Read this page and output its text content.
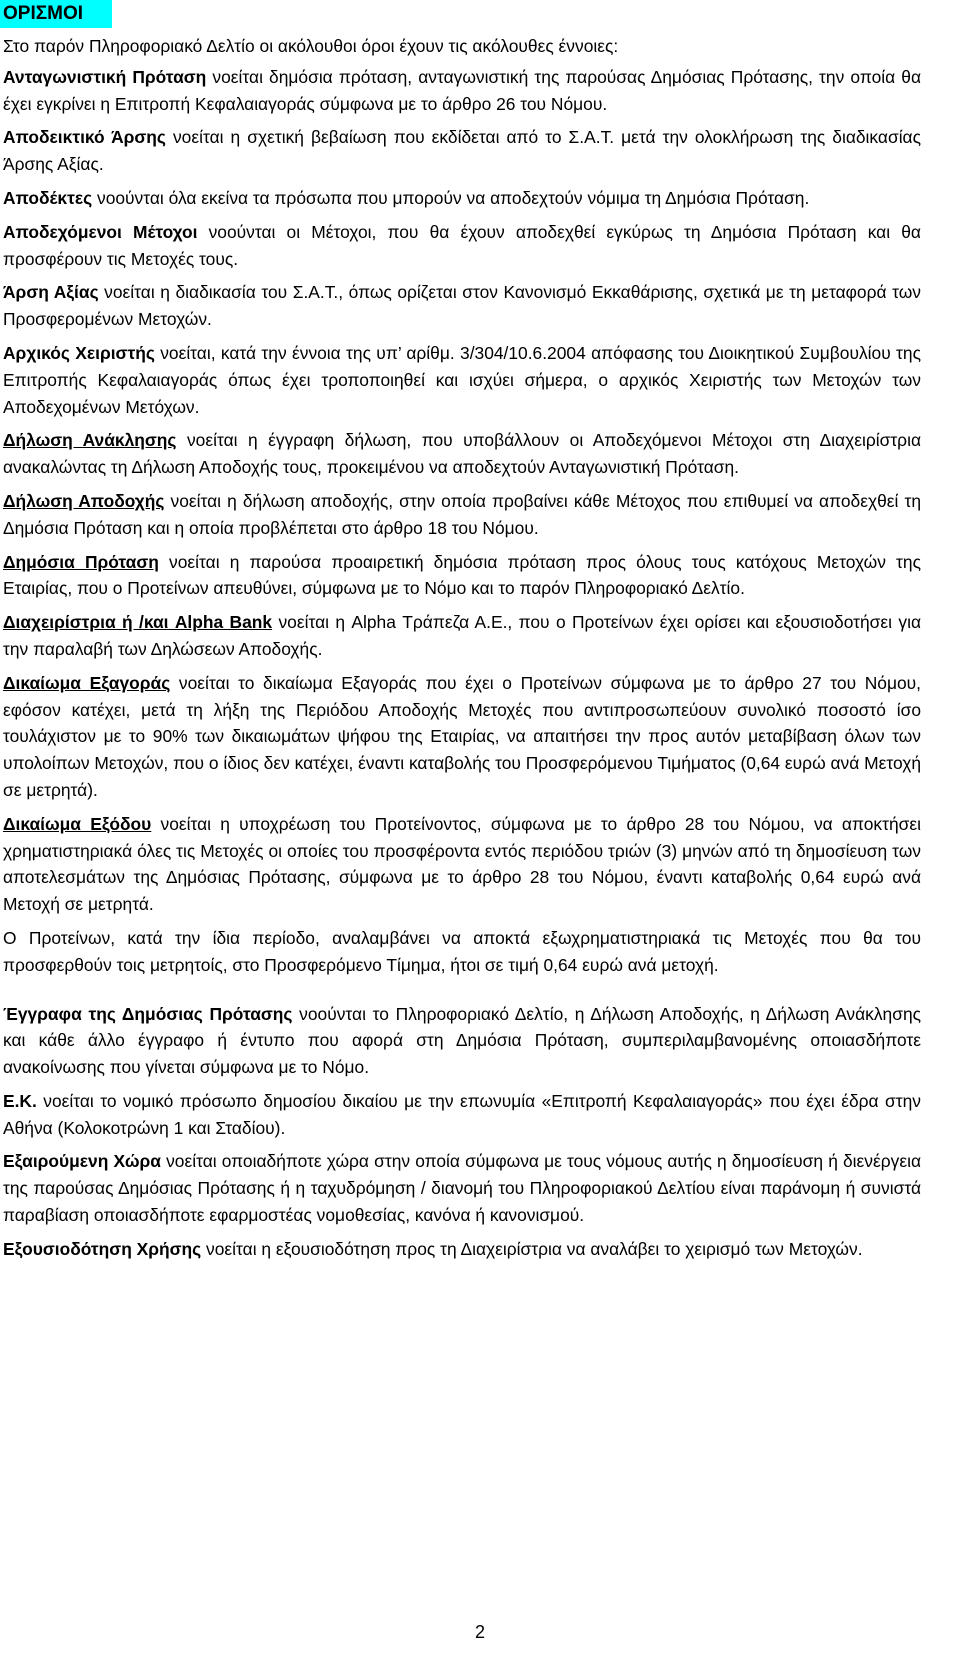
ΟΡΙΣΜΟΙ

Στο παρόν Πληροφοριακό Δελτίο οι ακόλουθοι όροι έχουν τις ακόλουθες έννοιες:

Ανταγωνιστική Πρόταση νοείται δημόσια πρόταση, ανταγωνιστική της παρούσας Δημόσιας Πρότασης, την οποία θα έχει εγκρίνει η Επιτροπή Κεφαλαιαγοράς σύμφωνα με το άρθρο 26 του Νόμου.

Αποδεικτικό Άρσης νοείται η σχετική βεβαίωση που εκδίδεται από το Σ.Α.Τ. μετά την ολοκλήρωση της διαδικασίας Άρσης Αξίας.

Αποδέκτες νοούνται όλα εκείνα τα πρόσωπα που μπορούν να αποδεχτούν νόμιμα τη Δημόσια Πρόταση.

Αποδεχόμενοι Μέτοχοι νοούνται οι Μέτοχοι, που θα έχουν αποδεχθεί εγκύρως τη Δημόσια Πρόταση και θα προσφέρουν τις Μετοχές τους.

Άρση Αξίας νοείται η διαδικασία του Σ.Α.Τ., όπως ορίζεται στον Κανονισμό Εκκαθάρισης, σχετικά με τη μεταφορά των Προσφερομένων Μετοχών.

Αρχικός Χειριστής νοείται, κατά την έννοια της υπ’ αρίθμ. 3/304/10.6.2004 απόφασης του Διοικητικού Συμβουλίου της Επιτροπής Κεφαλαιαγοράς όπως έχει τροποποιηθεί και ισχύει σήμερα, ο αρχικός Χειριστής των Μετοχών των Αποδεχομένων Μετόχων.

Δήλωση Ανάκλησης νοείται η έγγραφη δήλωση, που υποβάλλουν οι Αποδεχόμενοι Μέτοχοι στη Διαχειρίστρια ανακαλώντας τη Δήλωση Αποδοχής τους, προκειμένου να αποδεχτούν Ανταγωνιστική Πρόταση.

Δήλωση Αποδοχής νοείται η δήλωση αποδοχής, στην οποία προβαίνει κάθε Μέτοχος που επιθυμεί να αποδεχθεί τη Δημόσια Πρόταση και η οποία προβλέπεται στο άρθρο 18 του Νόμου.

Δημόσια Πρόταση νοείται η παρούσα προαιρετική δημόσια πρόταση προς όλους τους κατόχους Μετοχών της Εταιρίας, που ο Προτείνων απευθύνει, σύμφωνα με το Νόμο και το παρόν Πληροφοριακό Δελτίο.

Διαχειρίστρια ή /και Alpha Bank νοείται η Alpha Τράπεζα Α.Ε., που ο Προτείνων έχει ορίσει και εξουσιοδοτήσει για την παραλαβή των Δηλώσεων Αποδοχής.

Δικαίωμα Εξαγοράς νοείται το δικαίωμα Εξαγοράς που έχει ο Προτείνων σύμφωνα με το άρθρο 27 του Νόμου, εφόσον κατέχει, μετά τη λήξη της Περιόδου Αποδοχής Μετοχές που αντιπροσωπεύουν συνολικό ποσοστό ίσο τουλάχιστον με το 90% των δικαιωμάτων ψήφου της Εταιρίας, να απαιτήσει την προς αυτόν μεταβίβαση όλων των υπολοίπων Μετοχών, που ο ίδιος δεν κατέχει, έναντι καταβολής του Προσφερόμενου Τιμήματος (0,64 ευρώ ανά Μετοχή σε μετρητά).

Δικαίωμα Εξόδου νοείται η υποχρέωση του Προτείνοντος, σύμφωνα με το άρθρο 28 του Νόμου, να αποκτήσει χρηματιστηριακά όλες τις Μετοχές οι οποίες του προσφέροντα εντός περιόδου τριών (3) μηνών από τη δημοσίευση των αποτελεσμάτων της Δημόσιας Πρότασης, σύμφωνα με το άρθρο 28 του Νόμου, έναντι καταβολής 0,64 ευρώ ανά Μετοχή σε μετρητά.

Ο Προτείνων, κατά την ίδια περίοδο, αναλαμβάνει να αποκτά εξωχρηματιστηριακά τις Μετοχές που θα του προσφερθούν τοις μετρητοίς, στο Προσφερόμενο Τίμημα, ήτοι σε τιμή 0,64 ευρώ ανά μετοχή.

Έγγραφα της Δημόσιας Πρότασης νοούνται το Πληροφοριακό Δελτίο, η Δήλωση Αποδοχής, η Δήλωση Ανάκλησης και κάθε άλλο έγγραφο ή έντυπο που αφορά στη Δημόσια Πρόταση, συμπεριλαμβανομένης οποιασδήποτε ανακοίνωσης που γίνεται σύμφωνα με το Νόμο.

Ε.Κ. νοείται το νομικό πρόσωπο δημοσίου δικαίου με την επωνυμία «Επιτροπή Κεφαλαιαγοράς» που έχει έδρα στην Αθήνα (Κολοκοτρώνη 1 και Σταδίου).

Εξαιρούμενη Χώρα νοείται οποιαδήποτε χώρα στην οποία σύμφωνα με τους νόμους αυτής η δημοσίευση ή διενέργεια της παρούσας Δημόσιας Πρότασης ή η ταχυδρόμηση / διανομή του Πληροφοριακού Δελτίου είναι παράνομη ή συνιστά παραβίαση οποιασδήποτε εφαρμοστέας νομοθεσίας, κανόνα ή κανονισμού.

Εξουσιοδότηση Χρήσης νοείται η εξουσιοδότηση προς τη Διαχειρίστρια να αναλάβει το χειρισμό των Μετοχών.

2
